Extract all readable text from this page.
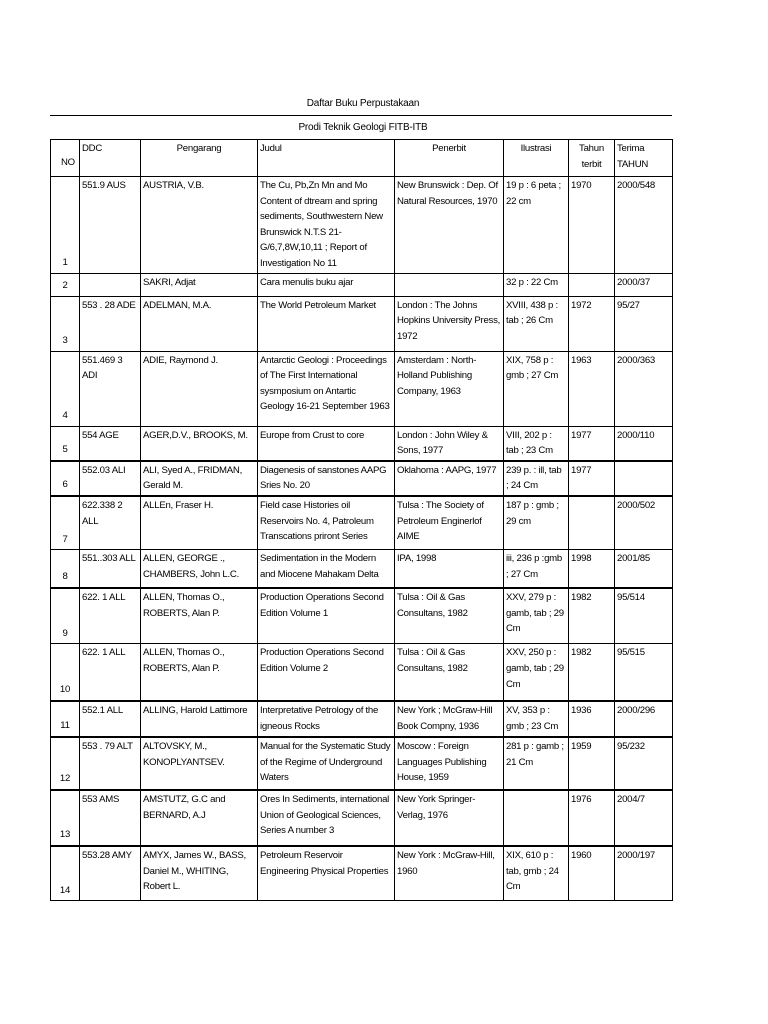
Daftar Buku Perpustakaan
Prodi Teknik Geologi FITB-ITB
NO	DDC	Pengarang	Judul	Penerbit	Ilustrasi	Tahun terbit	Terima TAHUN
1	551.9 AUS	AUSTRIA, V.B.	The Cu, Pb,Zn Mn and Mo Content of dtream and spring sediments, Southwestern New Brunswick N.T.S 21-G/6,7,8W,10,11 ; Report of Investigation No 11	New Brunswick : Dep. Of Natural Resources, 1970	19 p : 6 peta ; 22 cm	1970	2000/548
2		SAKRI, Adjat	Cara menulis buku ajar		32 p : 22 Cm		2000/37
3	553 . 28 ADE	ADELMAN, M.A.	The World Petroleum Market	London : The Johns Hopkins University Press, 1972	XVIII, 438 p : tab ; 26 Cm	1972	95/27
4	551.469 3 ADI	ADIE, Raymond J.	Antarctic Geologi : Proceedings of The First International sysmposium on Antartic Geology 16-21 September 1963	Amsterdam : North-Holland Publishing Company, 1963	XIX, 758 p : gmb ; 27 Cm	1963	2000/363
5	554 AGE	AGER,D.V., BROOKS, M.	Europe from Crust to core	London : John Wiley & Sons, 1977	VIII, 202 p : tab ; 23 Cm	1977	2000/110
6	552.03 ALI	ALI, Syed A., FRIDMAN, Gerald M.	Diagenesis of sanstones AAPG Sries No. 20	Oklahoma : AAPG, 1977	239 p. : ill, tab ; 24 Cm	1977	
7	622.338 2 ALL	ALLEn, Fraser H.	Field case Histories oil Reservoirs No. 4, Patroleum Transcations priront Series	Tulsa : The Society of Petroleum Enginerlof AIME	187 p : gmb ; 29 cm		2000/502
8	551..303 ALL	ALLEN, GEORGE ., CHAMBERS, John L.C.	Sedimentation in the Modern and Miocene Mahakam Delta	IPA, 1998	iii, 236 p :gmb ; 27 Cm	1998	2001/85
9	622. 1 ALL	ALLEN, Thomas O., ROBERTS, Alan P.	Production Operations Second Edition Volume 1	Tulsa : Oil & Gas Consultans, 1982	XXV, 279 p : gamb, tab ; 29 Cm	1982	95/514
10	622. 1 ALL	ALLEN, Thomas O., ROBERTS, Alan P.	Production Operations Second Edition Volume 2	Tulsa : Oil & Gas Consultans, 1982	XXV, 250 p : gamb, tab ; 29 Cm	1982	95/515
11	552.1 ALL	ALLING, Harold Lattimore	Interpretative Petrology of the igneous Rocks	New York ; McGraw-Hill Book Compny, 1936	XV, 353 p : gmb ; 23 Cm	1936	2000/296
12	553 . 79 ALT	ALTOVSKY, M., KONOPLYANTSEV.	Manual for the Systematic Study of the Regime of Underground Waters	Moscow : Foreign Languages Publishing House, 1959	281 p : gamb ; 21 Cm	1959	95/232
13	553 AMS	AMSTUTZ, G.C and BERNARD, A.J	Ores In Sediments, international Union of Geological Sciences, Series A number 3	New York Springer-Verlag, 1976		1976	2004/7
14	553.28 AMY	AMYX, James W., BASS, Daniel M., WHITING, Robert L.	Petroleum Reservoir Engineering Physical Properties	New York : McGraw-Hill, 1960	XIX, 610 p : tab, gmb ; 24 Cm	1960	2000/197
